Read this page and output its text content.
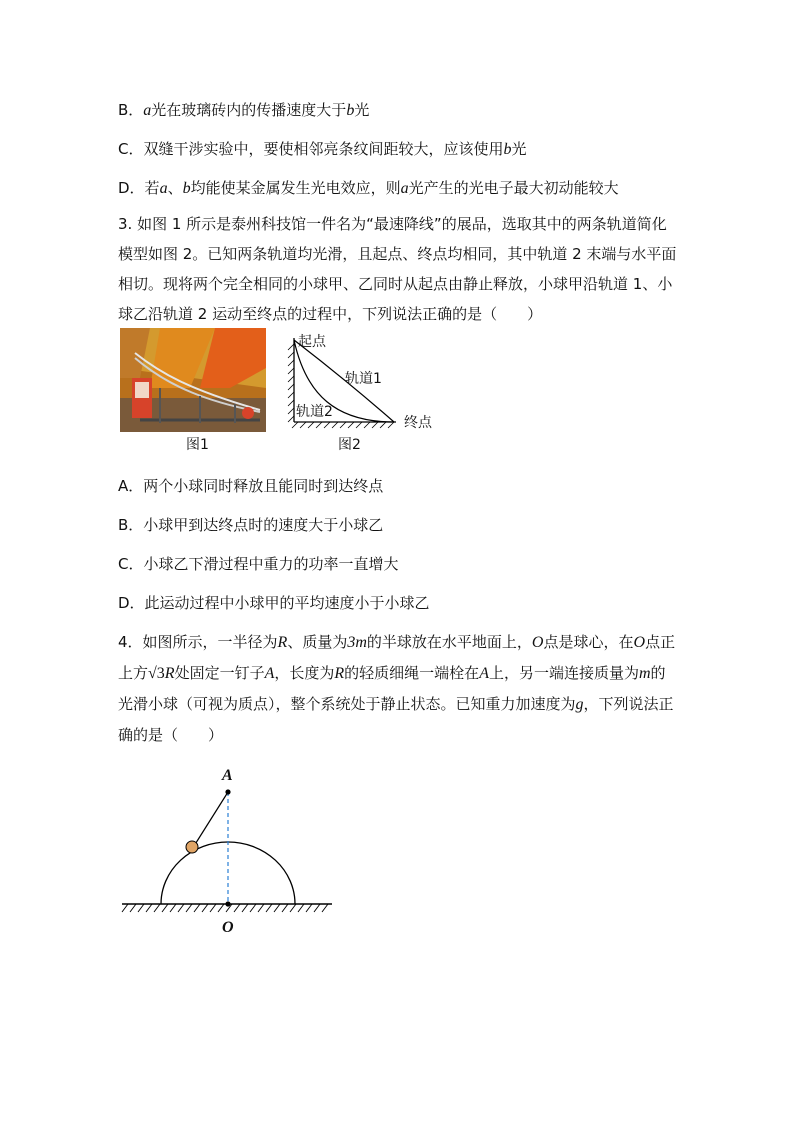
B．a光在玻璃砖内的传播速度大于b光
C．双缝干涉实验中，要使相邻亮条纹间距较大，应该使用b光
D．若a、b均能使某金属发生光电效应，则a光产生的光电子最大初动能较大
3. 如图 1 所示是泰州科技馆一件名为“最速降线”的展品，选取其中的两条轨道简化模型如图 2。已知两条轨道均光滑，且起点、终点均相同，其中轨道 2 末端与水平面相切。现将两个完全相同的小球甲、乙同时从起点由静止释放，小球甲沿轨道 1、小球乙沿轨道 2 运动至终点的过程中，下列说法正确的是（　　）
图1
起点
轨道1
轨道2
终点
图2
A．两个小球同时释放且能同时到达终点
B．小球甲到达终点时的速度大于小球乙
C．小球乙下滑过程中重力的功率一直增大
D．此运动过程中小球甲的平均速度小于小球乙
4．如图所示，一半径为R、质量为3m的半球放在水平地面上，O点是球心，在O点正上方√3R处固定一钉子A，长度为R的轻质细绳一端栓在A上，另一端连接质量为m的光滑小球（可视为质点），整个系统处于静止状态。已知重力加速度为g，下列说法正确的是（　　）
A
O
